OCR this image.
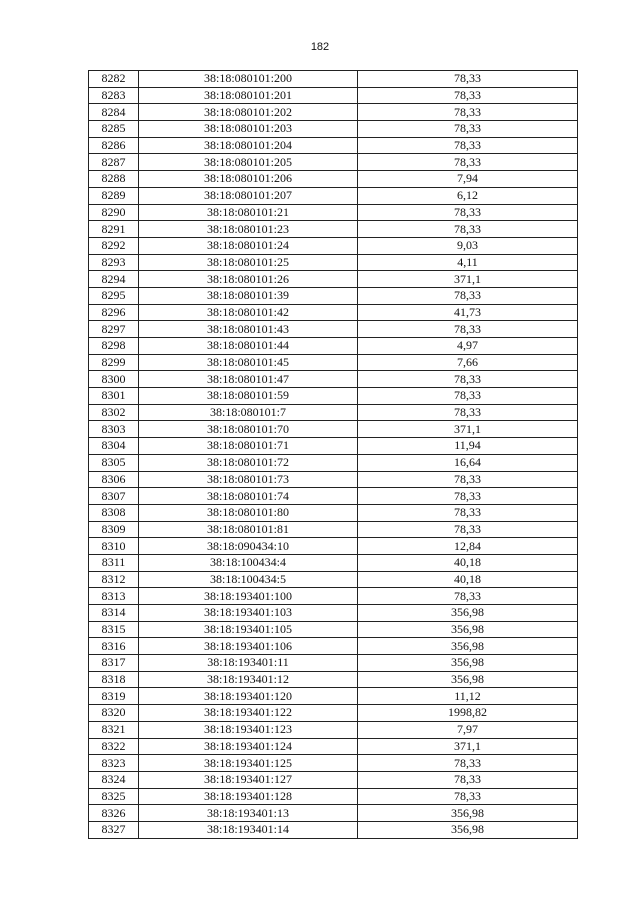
182
8282	38:18:080101:200	78,33
8283	38:18:080101:201	78,33
8284	38:18:080101:202	78,33
8285	38:18:080101:203	78,33
8286	38:18:080101:204	78,33
8287	38:18:080101:205	78,33
8288	38:18:080101:206	7,94
8289	38:18:080101:207	6,12
8290	38:18:080101:21	78,33
8291	38:18:080101:23	78,33
8292	38:18:080101:24	9,03
8293	38:18:080101:25	4,11
8294	38:18:080101:26	371,1
8295	38:18:080101:39	78,33
8296	38:18:080101:42	41,73
8297	38:18:080101:43	78,33
8298	38:18:080101:44	4,97
8299	38:18:080101:45	7,66
8300	38:18:080101:47	78,33
8301	38:18:080101:59	78,33
8302	38:18:080101:7	78,33
8303	38:18:080101:70	371,1
8304	38:18:080101:71	11,94
8305	38:18:080101:72	16,64
8306	38:18:080101:73	78,33
8307	38:18:080101:74	78,33
8308	38:18:080101:80	78,33
8309	38:18:080101:81	78,33
8310	38:18:090434:10	12,84
8311	38:18:100434:4	40,18
8312	38:18:100434:5	40,18
8313	38:18:193401:100	78,33
8314	38:18:193401:103	356,98
8315	38:18:193401:105	356,98
8316	38:18:193401:106	356,98
8317	38:18:193401:11	356,98
8318	38:18:193401:12	356,98
8319	38:18:193401:120	11,12
8320	38:18:193401:122	1998,82
8321	38:18:193401:123	7,97
8322	38:18:193401:124	371,1
8323	38:18:193401:125	78,33
8324	38:18:193401:127	78,33
8325	38:18:193401:128	78,33
8326	38:18:193401:13	356,98
8327	38:18:193401:14	356,98
